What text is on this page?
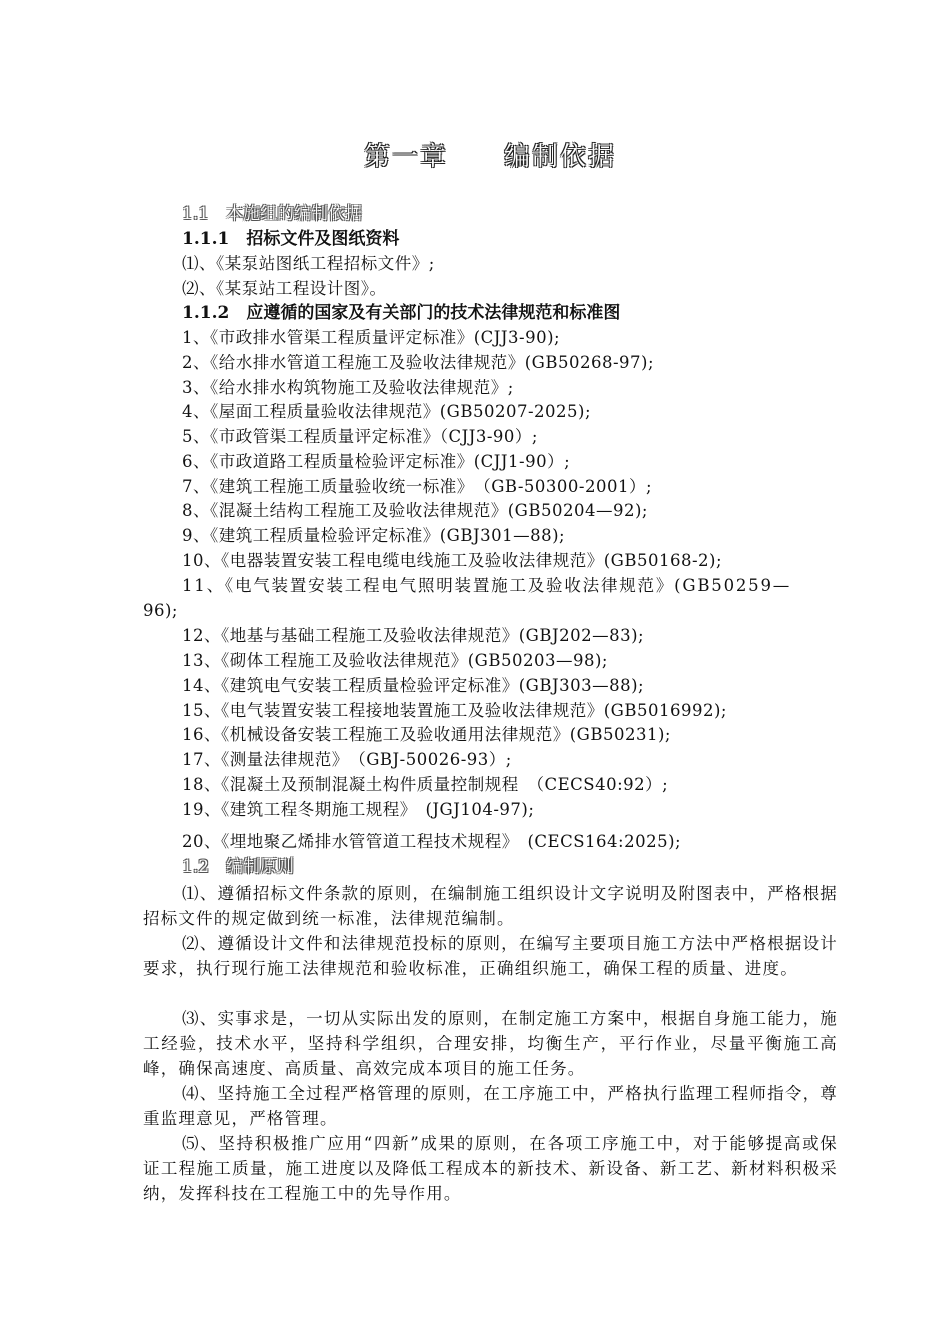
第一章 编制依据
1.1　本施组的编制依据
1.1.1　招标文件及图纸资料
⑴、《某泵站图纸工程招标文件》;
⑵、《某泵站工程设计图》。
1.1.2　应遵循的国家及有关部门的技术法律规范和标准图
1、《市政排水管渠工程质量评定标准》(CJJ3-90);
2、《给水排水管道工程施工及验收法律规范》(GB50268-97);
3、《给水排水构筑物施工及验收法律规范》;
4、《屋面工程质量验收法律规范》(GB50207-2025);
5、《市政管渠工程质量评定标准》（CJJ3-90）;
6、《市政道路工程质量检验评定标准》(CJJ1-90）;
7、《建筑工程施工质量验收统一标准》　（GB-50300-2001）;
8、《混凝土结构工程施工及验收法律规范》(GB50204—92);
9、《建筑工程质量检验评定标准》(GBJ301—88);
10、《电器装置安装工程电缆电线施工及验收法律规范》(GB50168-2);
11、《电气装置安装工程电气照明装置施工及验收法律规范》(GB50259—
96);
12、《地基与基础工程施工及验收法律规范》(GBJ202—83);
13、《砌体工程施工及验收法律规范》(GB50203—98);
14、《建筑电气安装工程质量检验评定标准》(GBJ303—88);
15、《电气装置安装工程接地装置施工及验收法律规范》(GB5016992);
16、《机械设备安装工程施工及验收通用法律规范》(GB50231);
17、《测量法律规范》　（GBJ-50026-93）;
18、《混凝土及预制混凝土构件质量控制规程　（CECS40:92）;
19、《建筑工程冬期施工规程》　(JGJ104-97);
20、《埋地聚乙烯排水管管道工程技术规程》　(CECS164:2025);
1.2　编制原则
⑴、遵循招标文件条款的原则，在编制施工组织设计文字说明及附图表中，严格根据招标文件的规定做到统一标准，法律规范编制。
⑵、遵循设计文件和法律规范投标的原则，在编写主要项目施工方法中严格根据设计要求，执行现行施工法律规范和验收标准，正确组织施工，确保工程的质量、进度。
⑶、实事求是，一切从实际出发的原则，在制定施工方案中，根据自身施工能力，施工经验，技术水平，坚持科学组织，合理安排，均衡生产，平行作业，尽量平衡施工高峰，确保高速度、高质量、高效完成本项目的施工任务。
⑷、坚持施工全过程严格管理的原则，在工序施工中，严格执行监理工程师指令，尊重监理意见，严格管理。
⑸、坚持积极推广应用“四新”成果的原则，在各项工序施工中，对于能够提高或保证工程施工质量，施工进度以及降低工程成本的新技术、新设备、新工艺、新材料积极采纳，发挥科技在工程施工中的先导作用。
